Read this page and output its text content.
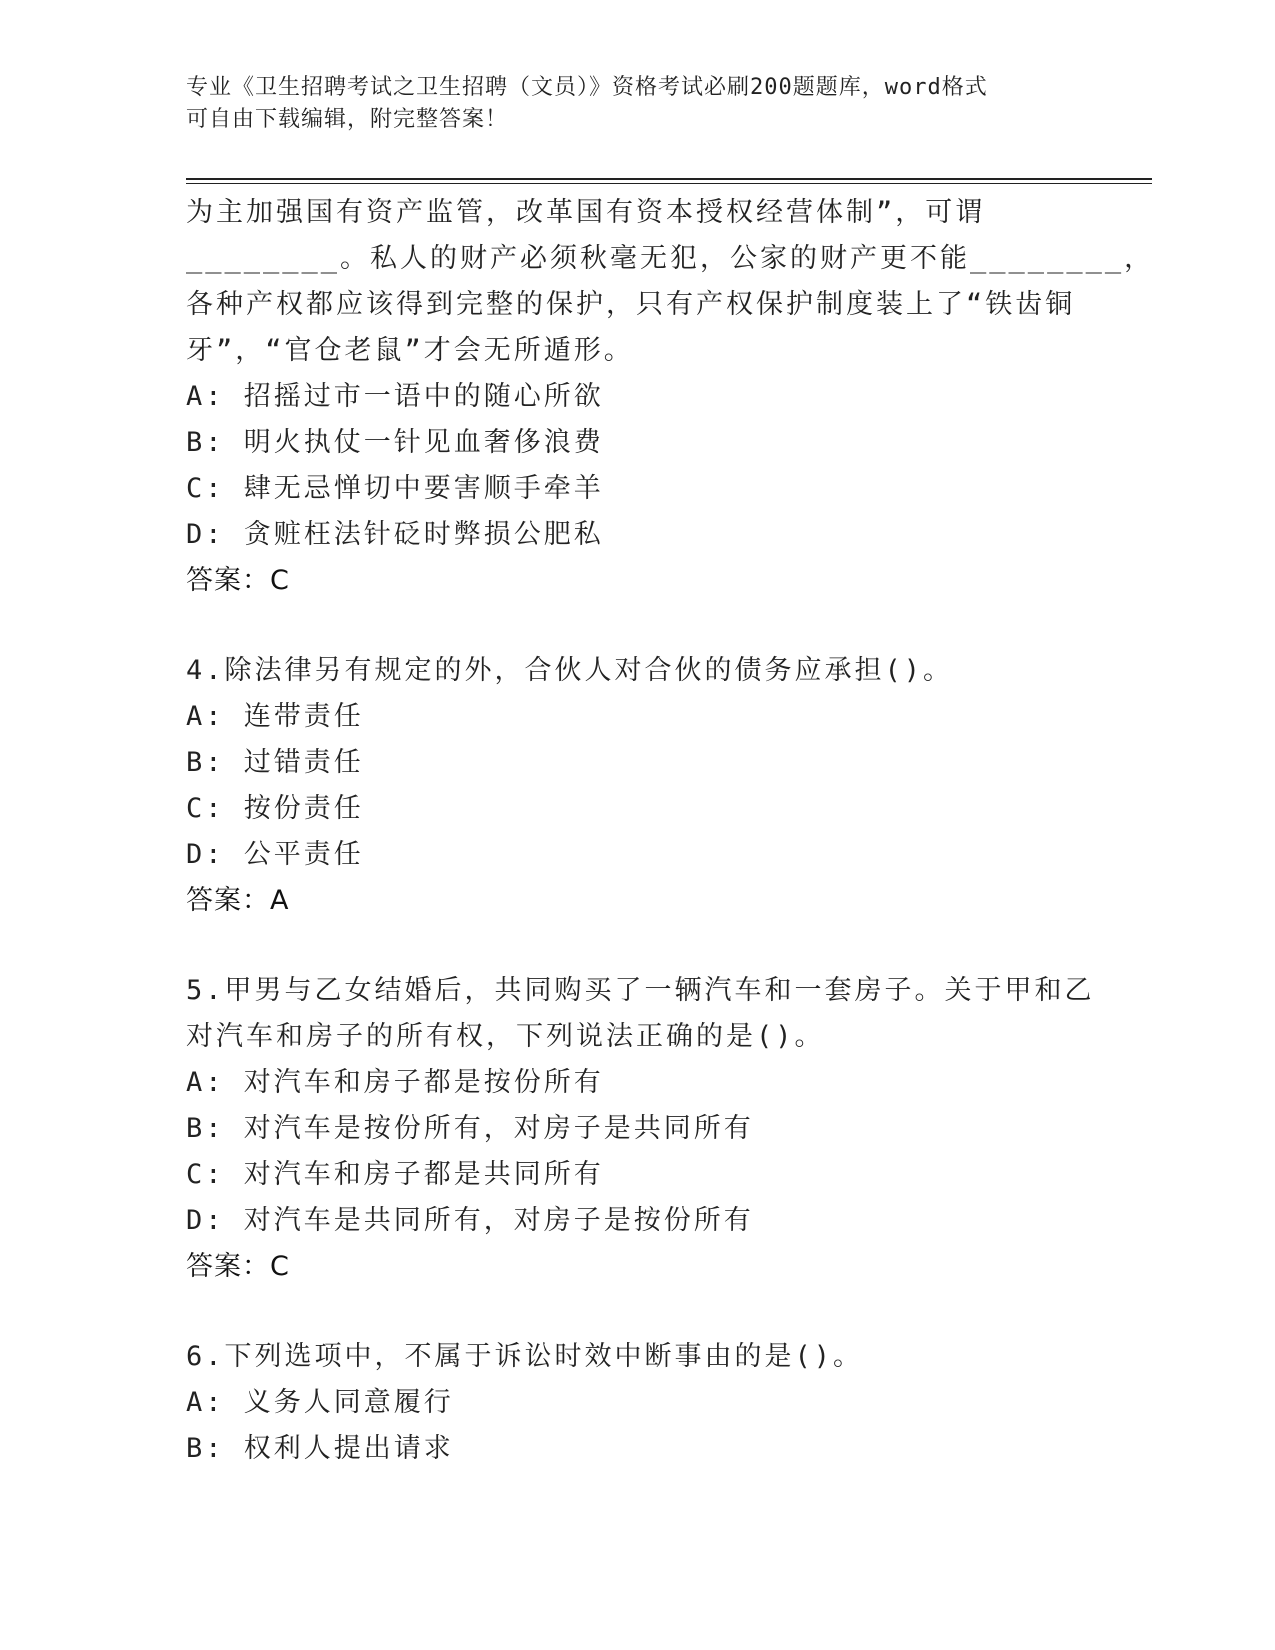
专业《卫生招聘考试之卫生招聘（文员）》资格考试必刷200题题库，word格式
可自由下载编辑，附完整答案！
为主加强国有资产监管，改革国有资本授权经营体制”，可谓
________。私人的财产必须秋毫无犯，公家的财产更不能________，
各种产权都应该得到完整的保护，只有产权保护制度装上了“铁齿铜
牙”，“官仓老鼠”才会无所遁形。
A: 招摇过市一语中的随心所欲
B: 明火执仗一针见血奢侈浪费
C: 肆无忌惮切中要害顺手牵羊
D: 贪赃枉法针砭时弊损公肥私
答案：C
4.除法律另有规定的外，合伙人对合伙的债务应承担()。
A: 连带责任
B: 过错责任
C: 按份责任
D: 公平责任
答案：A
5.甲男与乙女结婚后，共同购买了一辆汽车和一套房子。关于甲和乙
对汽车和房子的所有权，下列说法正确的是()。
A: 对汽车和房子都是按份所有
B: 对汽车是按份所有，对房子是共同所有
C: 对汽车和房子都是共同所有
D: 对汽车是共同所有，对房子是按份所有
答案：C
6.下列选项中，不属于诉讼时效中断事由的是()。
A: 义务人同意履行
B: 权利人提出请求
